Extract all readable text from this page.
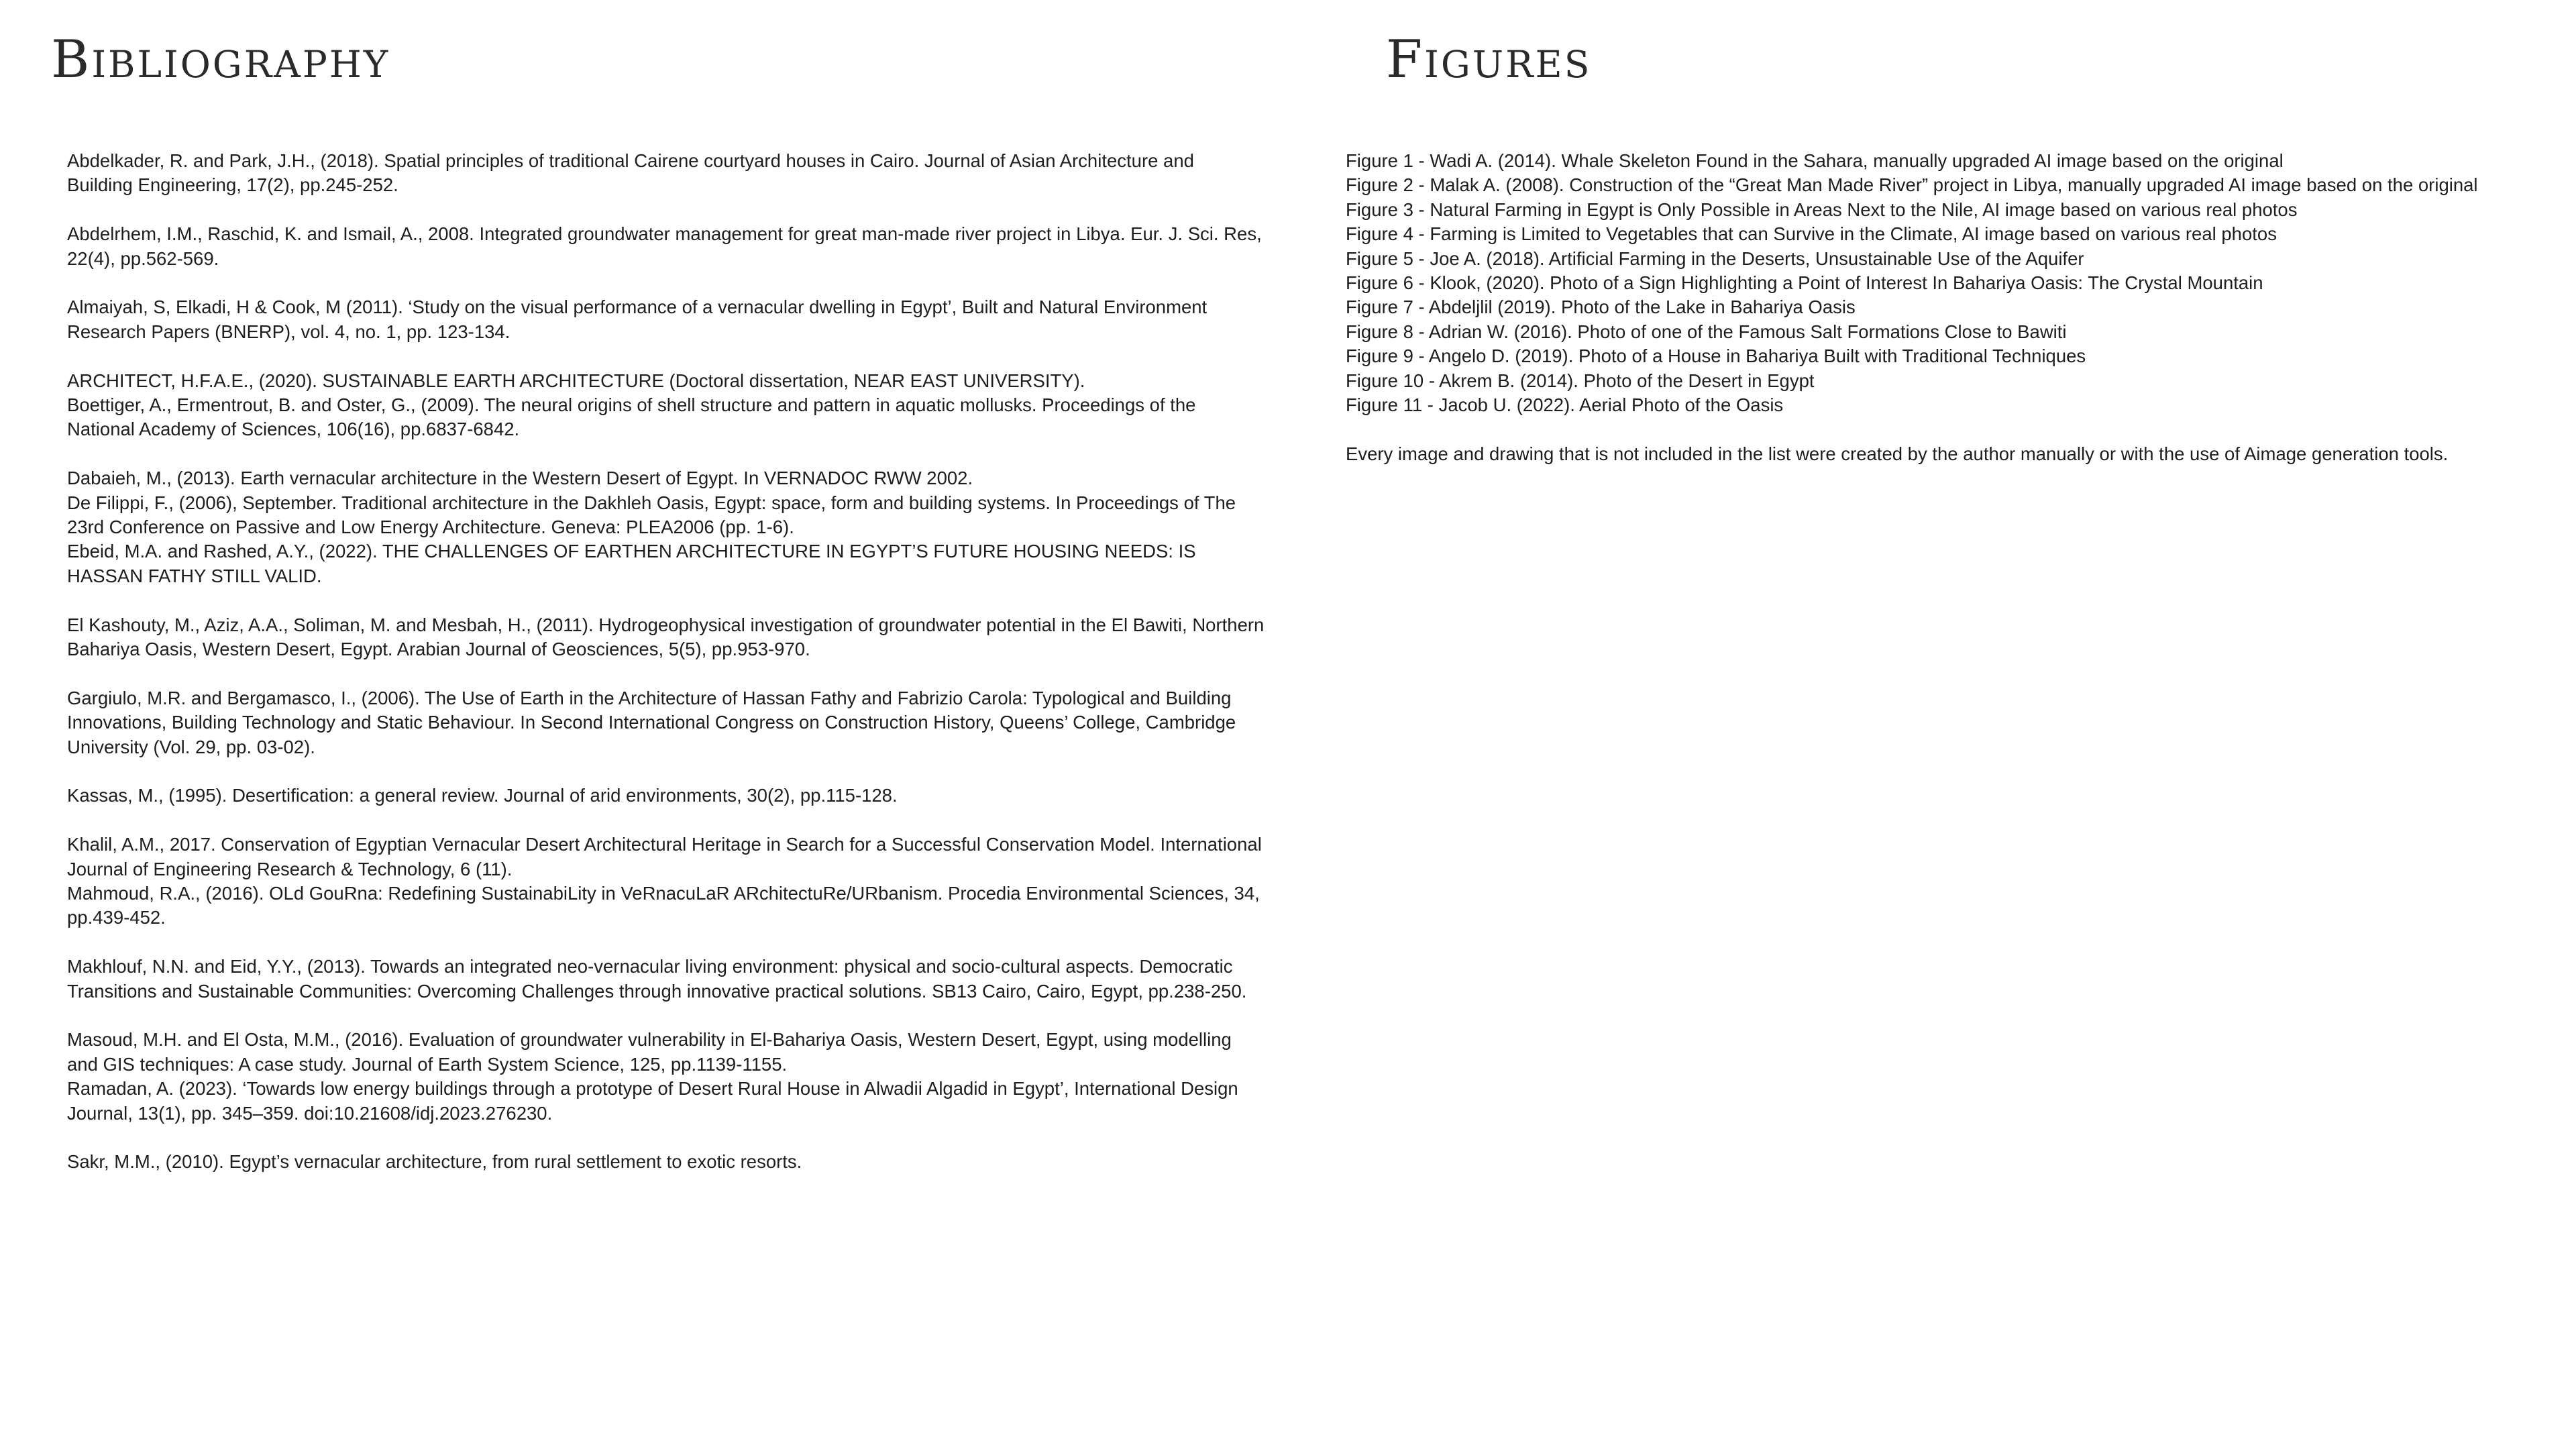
Bibliography	Figures

Abdelkader, R. and Park, J.H., (2018). Spatial principles of traditional Cairene courtyard houses in Cairo. Journal of Asian Architecture and Building Engineering, 17(2), pp.245-252.

Abdelrhem, I.M., Raschid, K. and Ismail, A., 2008. Integrated groundwater management for great man-made river project in Libya. Eur. J. Sci. Res, 22(4), pp.562-569.

Almaiyah, S, Elkadi, H & Cook, M (2011). ‘Study on the visual performance of a vernacular dwelling in Egypt’, Built and Natural Environment Research Papers (BNERP), vol. 4, no. 1, pp. 123-134.

ARCHITECT, H.F.A.E., (2020). SUSTAINABLE EARTH ARCHITECTURE (Doctoral dissertation, NEAR EAST UNIVERSITY).

Boettiger, A., Ermentrout, B. and Oster, G., (2009). The neural origins of shell structure and pattern in aquatic mollusks. Proceedings of the National Academy of Sciences, 106(16), pp.6837-6842.

Dabaieh, M., (2013). Earth vernacular architecture in the Western Desert of Egypt. In VERNADOC RWW 2002.

De Filippi, F., (2006), September. Traditional architecture in the Dakhleh Oasis, Egypt: space, form and building systems. In Proceedings of The 23rd Conference on Passive and Low Energy Architecture. Geneva: PLEA2006 (pp. 1-6).

Ebeid, M.A. and Rashed, A.Y., (2022). THE CHALLENGES OF EARTHEN ARCHITECTURE IN EGYPT’S FUTURE HOUSING NEEDS: IS HASSAN FATHY STILL VALID.

El Kashouty, M., Aziz, A.A., Soliman, M. and Mesbah, H., (2011). Hydrogeophysical investigation of groundwater potential in the El Bawiti, Northern Bahariya Oasis, Western Desert, Egypt. Arabian Journal of Geosciences, 5(5), pp.953-970.

Gargiulo, M.R. and Bergamasco, I., (2006). The Use of Earth in the Architecture of Hassan Fathy and Fabrizio Carola: Typological and Building Innovations, Building Technology and Static Behaviour. In Second International Congress on Construction History, Queens’ College, Cambridge University (Vol. 29, pp. 03-02).

Kassas, M., (1995). Desertification: a general review. Journal of arid environments, 30(2), pp.115-128.

Khalil, A.M., 2017. Conservation of Egyptian Vernacular Desert Architectural Heritage in Search for a Successful Conservation Model. International Journal of Engineering Research & Technology, 6 (11).

Mahmoud, R.A., (2016). OLd GouRna: Redefining SustainabiLity in VeRnacuLaR ARchitectuRe/URbanism. Procedia Environmental Sciences, 34, pp.439-452.

Makhlouf, N.N. and Eid, Y.Y., (2013). Towards an integrated neo-vernacular living environment: physical and socio-cultural aspects. Democratic Transitions and Sustainable Communities: Overcoming Challenges through innovative practical solutions. SB13 Cairo, Cairo, Egypt, pp.238-250.

Masoud, M.H. and El Osta, M.M., (2016). Evaluation of groundwater vulnerability in El-Bahariya Oasis, Western Desert, Egypt, using modelling and GIS techniques: A case study. Journal of Earth System Science, 125, pp.1139-1155.

Ramadan, A. (2023). ‘Towards low energy buildings through a prototype of Desert Rural House in Alwadii Algadid in Egypt’, International Design Journal, 13(1), pp. 345–359. doi:10.21608/idj.2023.276230.

Sakr, M.M., (2010). Egypt’s vernacular architecture, from rural settlement to exotic resorts.

Figure 1 - Wadi A. (2014). Whale Skeleton Found in the Sahara, manually upgraded AI image based on the original

Figure 2 - Malak A. (2008). Construction of the “Great Man Made River” project in Libya, manually upgraded AI image based on the original

Figure 3 - Natural Farming in Egypt is Only Possible in Areas Next to the Nile, AI image based on various real photos

Figure 4 - Farming is Limited to Vegetables that can Survive in the Climate, AI image based on various real photos

Figure 5 - Joe A. (2018). Artificial Farming in the Deserts, Unsustainable Use of the Aquifer

Figure 6 - Klook, (2020). Photo of a Sign Highlighting a Point of Interest In Bahariya Oasis: The Crystal Mountain

Figure 7 - Abdeljlil (2019). Photo of the Lake in Bahariya Oasis

Figure 8 - Adrian W. (2016). Photo of one of the Famous Salt Formations Close to Bawiti

Figure 9 - Angelo D. (2019). Photo of a House in Bahariya Built with Traditional Techniques

Figure 10 - Akrem B. (2014). Photo of the Desert in Egypt

Figure 11 - Jacob U. (2022). Aerial Photo of the Oasis

Every image and drawing that is not included in the list were created by the author manually or with the use of Aimage generation tools.
